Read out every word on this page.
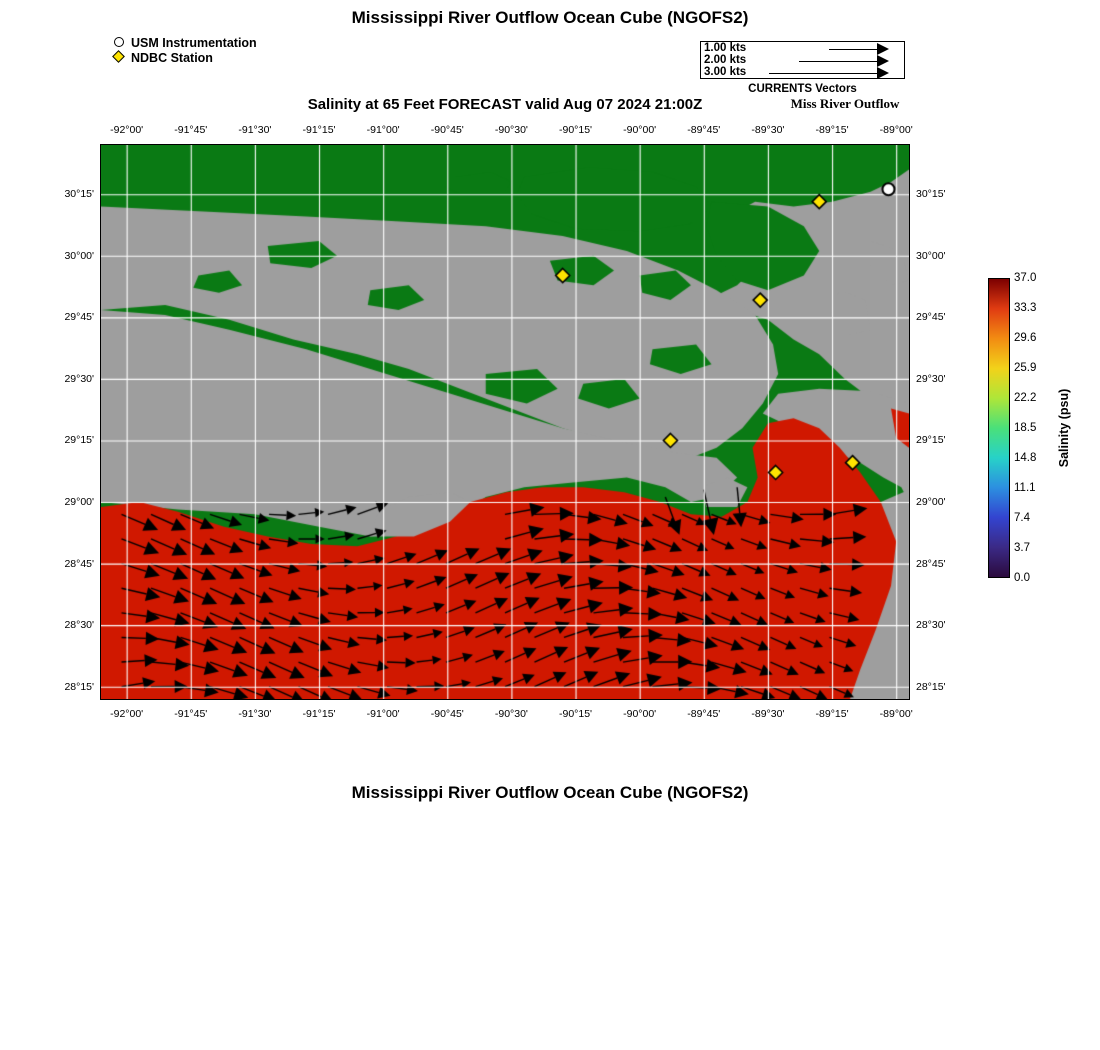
Mississippi River Outflow Ocean Cube (NGOFS2)
Salinity at 65 Feet FORECAST valid Aug 07 2024 21:00Z	Miss River Outflow
Mississippi River Outflow Ocean Cube (NGOFS2)
USM Instrumentation
NDBC Station
1.00 kts
2.00 kts
3.00 kts
CURRENTS Vectors
-92°00'	-91°45'	-91°30'	-91°15'	-91°00'	-90°45'	-90°30'	-90°15'	-90°00'	-89°45'	-89°30'	-89°15'	-89°00'
-92°00'	-91°45'	-91°30'	-91°15'	-91°00'	-90°45'	-90°30'	-90°15'	-90°00'	-89°45'	-89°30'	-89°15'	-89°00'
30°15'
30°00'
29°45'
29°30'
29°15'
29°00'
28°45'
28°30'
28°15'
30°15'
30°00'
29°45'
29°30'
29°15'
29°00'
28°45'
28°30'
28°15'
37.0
33.3
29.6
25.9
22.2
18.5
14.8
11.1
7.4
3.7
0.0
Salinity (psu)
